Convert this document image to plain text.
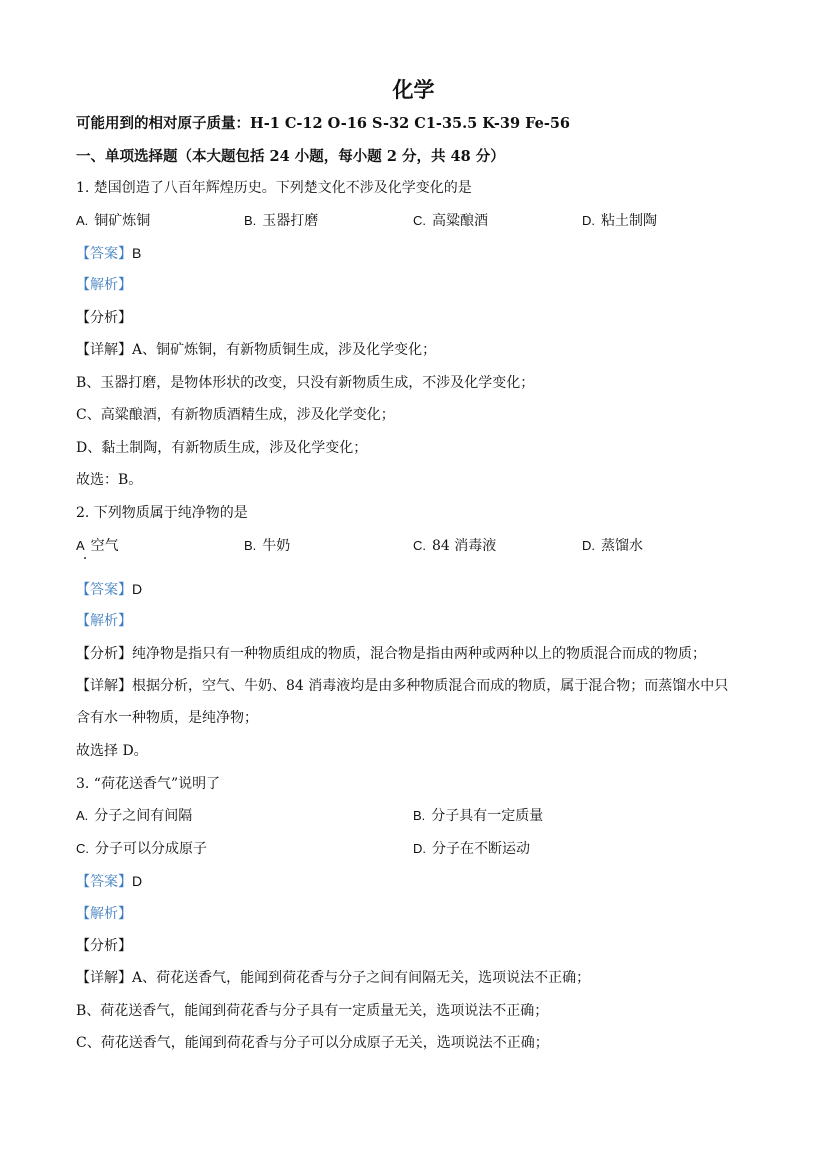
化学
可能用到的相对原子质量：H-1 C-12 O-16 S-32 C1-35.5 K-39 Fe-56
一、单项选择题（本大题包括 24 小题，每小题 2 分，共 48 分）
1. 楚国创造了八百年辉煌历史。下列楚文化不涉及化学变化的是
A. 铜矿炼铜	B. 玉器打磨	C. 高粱酿酒	D. 粘土制陶
【答案】B
【解析】
【分析】
【详解】A、铜矿炼铜，有新物质铜生成，涉及化学变化；
B、玉器打磨，是物体形状的改变，只没有新物质生成，不涉及化学变化；
C、高粱酿酒，有新物质酒精生成，涉及化学变化；
D、黏土制陶，有新物质生成，涉及化学变化；
故选：B。
2. 下列物质属于纯净物的是
A 空气	B. 牛奶	C. 84 消毒液	D. 蒸馏水
【答案】D
【解析】
【分析】纯净物是指只有一种物质组成的物质，混合物是指由两种或两种以上的物质混合而成的物质；
【详解】根据分析，空气、牛奶、84 消毒液均是由多种物质混合而成的物质，属于混合物；而蒸馏水中只
含有水一种物质，是纯净物；
故选择 D。
3. “荷花送香气”说明了
A. 分子之间有间隔	B. 分子具有一定质量
C. 分子可以分成原子	D. 分子在不断运动
【答案】D
【解析】
【分析】
【详解】A、荷花送香气，能闻到荷花香与分子之间有间隔无关，选项说法不正确；
B、荷花送香气，能闻到荷花香与分子具有一定质量无关，选项说法不正确；
C、荷花送香气，能闻到荷花香与分子可以分成原子无关，选项说法不正确；
